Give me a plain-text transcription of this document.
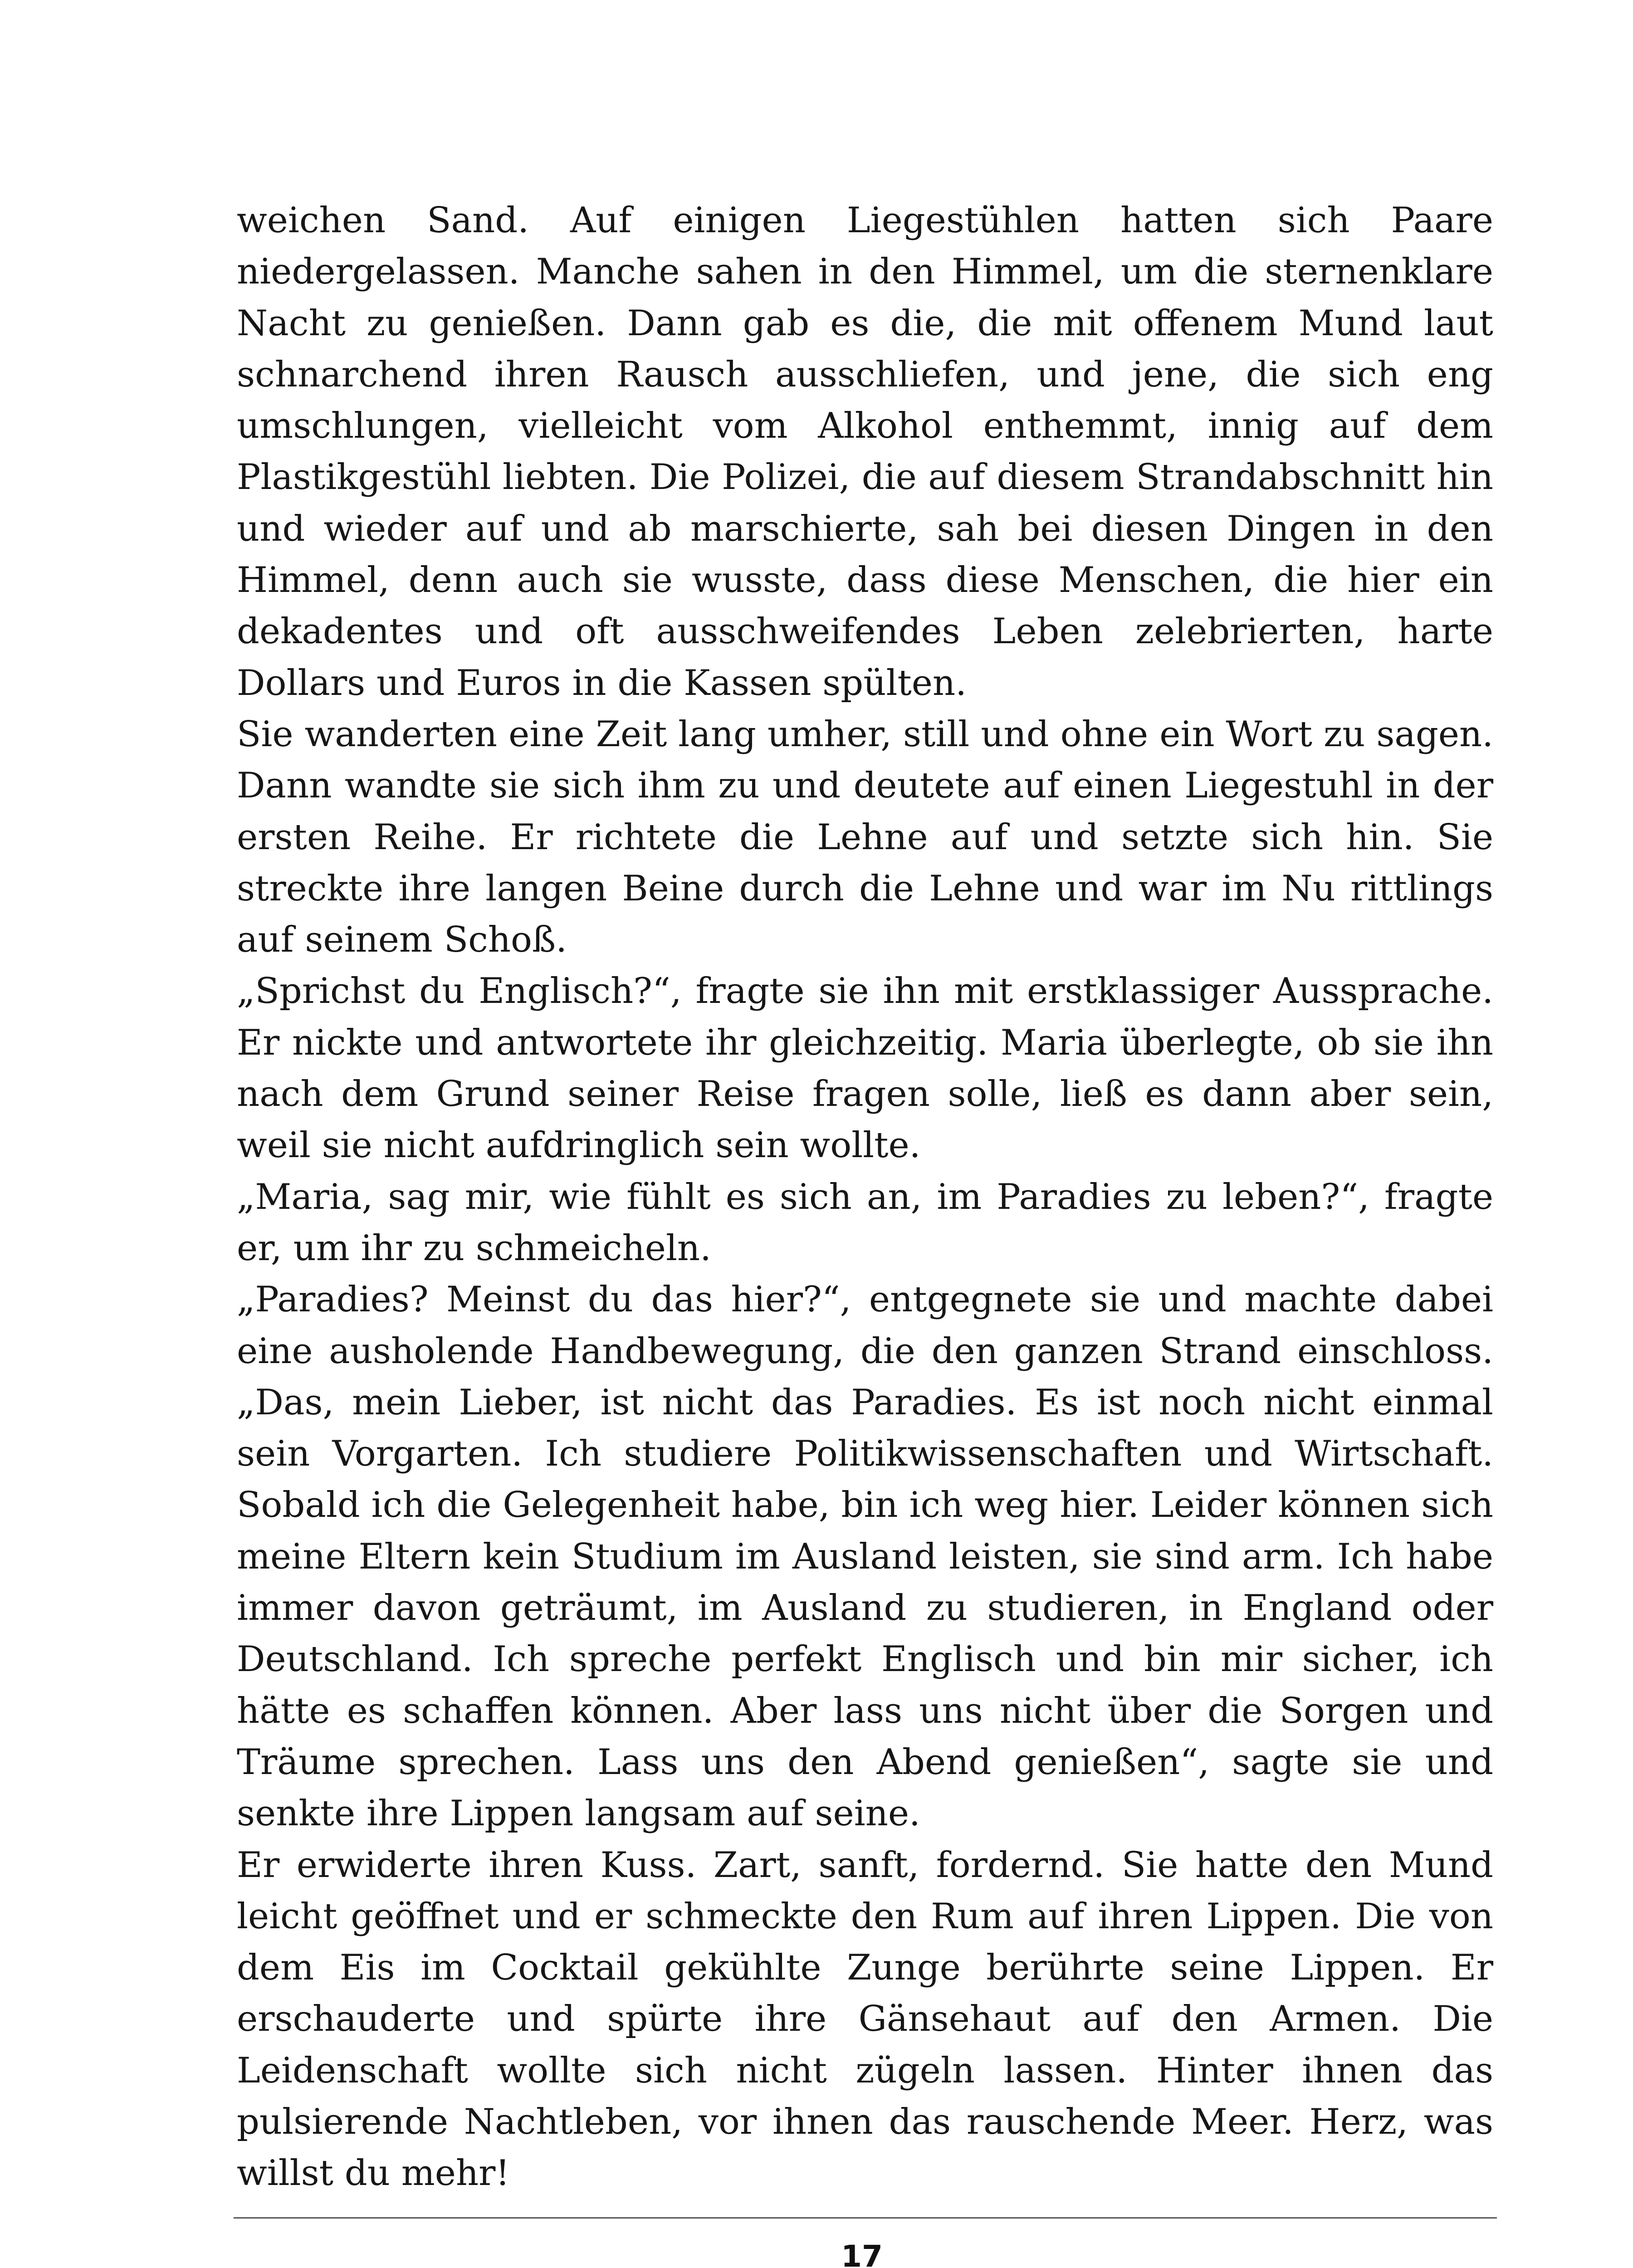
weichen Sand. Auf einigen Liegestühlen hatten sich Paare niedergelassen. Manche sahen in den Himmel, um die sternenklare Nacht zu genießen. Dann gab es die, die mit offenem Mund laut schnarchend ihren Rausch ausschliefen, und jene, die sich eng umschlungen, vielleicht vom Alkohol enthemmt, innig auf dem Plastikgestühl liebten. Die Polizei, die auf diesem Strandabschnitt hin und wieder auf und ab marschierte, sah bei diesen Dingen in den Himmel, denn auch sie wusste, dass diese Menschen, die hier ein dekadentes und oft ausschweifendes Leben zelebrierten, harte Dollars und Euros in die Kassen spülten.

Sie wanderten eine Zeit lang umher, still und ohne ein Wort zu sagen. Dann wandte sie sich ihm zu und deutete auf einen Liegestuhl in der ersten Reihe. Er richtete die Lehne auf und setzte sich hin. Sie streckte ihre langen Beine durch die Lehne und war im Nu rittlings auf seinem Schoß.

„Sprichst du Englisch?“, fragte sie ihn mit erstklassiger Aussprache. Er nickte und antwortete ihr gleichzeitig. Maria überlegte, ob sie ihn nach dem Grund seiner Reise fragen solle, ließ es dann aber sein, weil sie nicht aufdringlich sein wollte.

„Maria, sag mir, wie fühlt es sich an, im Paradies zu leben?“, fragte er, um ihr zu schmeicheln.

„Paradies? Meinst du das hier?“, entgegnete sie und machte dabei eine ausholende Handbewegung, die den ganzen Strand einschloss. „Das, mein Lieber, ist nicht das Paradies. Es ist noch nicht einmal sein Vorgarten. Ich studiere Politikwissenschaften und Wirtschaft. Sobald ich die Gelegenheit habe, bin ich weg hier. Leider können sich meine Eltern kein Studium im Ausland leisten, sie sind arm. Ich habe immer davon geträumt, im Ausland zu studieren, in England oder Deutschland. Ich spreche perfekt Englisch und bin mir sicher, ich hätte es schaffen können. Aber lass uns nicht über die Sorgen und Träume sprechen. Lass uns den Abend genießen“, sagte sie und senkte ihre Lippen langsam auf seine.

Er erwiderte ihren Kuss. Zart, sanft, fordernd. Sie hatte den Mund leicht geöffnet und er schmeckte den Rum auf ihren Lippen. Die von dem Eis im Cocktail gekühlte Zunge berührte seine Lippen. Er erschauderte und spürte ihre Gänsehaut auf den Armen. Die Leidenschaft wollte sich nicht zügeln lassen. Hinter ihnen das pulsierende Nachtleben, vor ihnen das rauschende Meer. Herz, was willst du mehr!

17
